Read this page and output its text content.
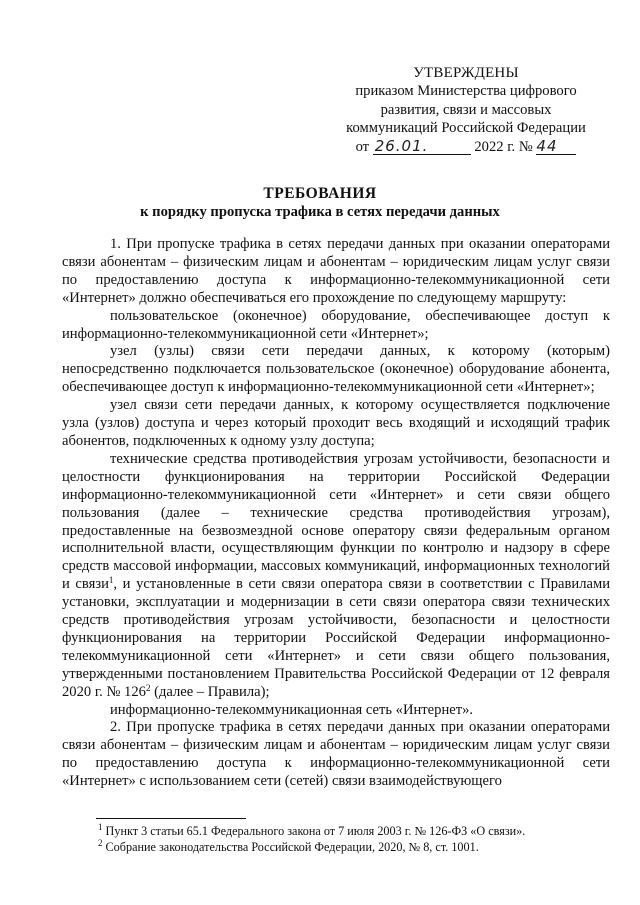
УТВЕРЖДЕНЫ
приказом Министерства цифрового
развития, связи и массовых
коммуникаций Российской Федерации
от 26.01.	2022 г. № 44
ТРЕБОВАНИЯ
к порядку пропуска трафика в сетях передачи данных

1. При пропуске трафика в сетях передачи данных при оказании операторами связи абонентам – физическим лицам и абонентам – юридическим лицам услуг связи по предоставлению доступа к информационно-телекоммуникационной сети «Интернет» должно обеспечиваться его прохождение по следующему маршруту:

пользовательское (оконечное) оборудование, обеспечивающее доступ к информационно-телекоммуникационной сети «Интернет»;

узел (узлы) связи сети передачи данных, к которому (которым) непосредственно подключается пользовательское (оконечное) оборудование абонента, обеспечивающее доступ к информационно-телекоммуникационной сети «Интернет»;

узел связи сети передачи данных, к которому осуществляется подключение узла (узлов) доступа и через который проходит весь входящий и исходящий трафик абонентов, подключенных к одному узлу доступа;

технические средства противодействия угрозам устойчивости, безопасности и целостности функционирования на территории Российской Федерации информационно-телекоммуникационной сети «Интернет» и сети связи общего пользования (далее – технические средства противодействия угрозам), предоставленные на безвозмездной основе оператору связи федеральным органом исполнительной власти, осуществляющим функции по контролю и надзору в сфере средств массовой информации, массовых коммуникаций, информационных технологий и связи$^1$, и установленные в сети связи оператора связи в соответствии с Правилами установки, эксплуатации и модернизации в сети связи оператора связи технических средств противодействия угрозам устойчивости, безопасности и целостности функционирования на территории Российской Федерации информационно-телекоммуникационной сети «Интернет» и сети связи общего пользования, утвержденными постановлением Правительства Российской Федерации от 12 февраля 2020 г. № $126^2$ (далее – Правила);

информационно-телекоммуникационная сеть «Интернет».

2. При пропуске трафика в сетях передачи данных при оказании операторами связи абонентам – физическим лицам и абонентам – юридическим лицам услуг связи по предоставлению доступа к информационно-телекоммуникационной сети «Интернет» с использованием сети (сетей) связи взаимодействующего

$^1$ Пункт 3 статьи 65.1 Федерального закона от 7 июля 2003 г. № 126-ФЗ «О связи».
$^2$ Собрание законодательства Российской Федерации, 2020, № 8, ст. 1001.
